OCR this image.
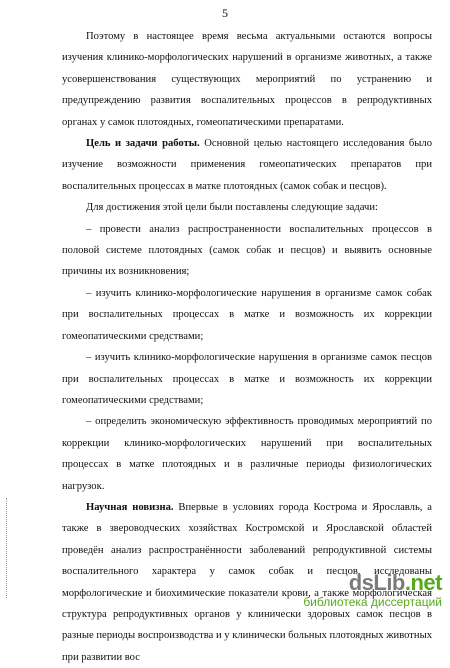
5

Поэтому в настоящее время весьма актуальными остаются вопросы изучения клинико-морфологических нарушений в организме животных, а также усовершенствования существующих мероприятий по устранению и предупреждению развития воспалительных процессов в репродуктивных органах у самок плотоядных, гомеопатическими препаратами.

Цель и задачи работы. Основной целью настоящего исследования было изучение возможности применения гомеопатических препаратов при воспалительных процессах в матке плотоядных (самок собак и песцов).

Для достижения этой цели были поставлены следующие задачи:

– провести анализ распространенности воспалительных процессов в половой системе плотоядных (самок собак и песцов) и выявить основные причины их возникновения;

– изучить клинико-морфологические нарушения в организме самок собак при воспалительных процессах в матке и возможность их коррекции гомеопатическими средствами;

– изучить клинико-морфологические нарушения в организме самок песцов при воспалительных процессах в матке и возможность их коррекции гомеопатическими средствами;

– определить экономическую эффективность проводимых мероприятий по коррекции клинико-морфологических нарушений при воспалительных процессах в матке плотоядных и в различные периоды физиологических нагрузок.

Научная новизна. Впервые в условиях города Кострома и Ярославль, а также в звероводческих хозяйствах Костромской и Ярославской областей проведён анализ распространённости заболеваний репродуктивной системы воспалительного характера у самок собак и песцов, исследованы морфологические и биохимические показатели крови, а также морфологическая структура репродуктивных органов у клинически здоровых самок песцов в разные периоды воспроизводства и у клинически больных плотоядных животных при развитии вос

dsLib.net
библиотека диссертаций
